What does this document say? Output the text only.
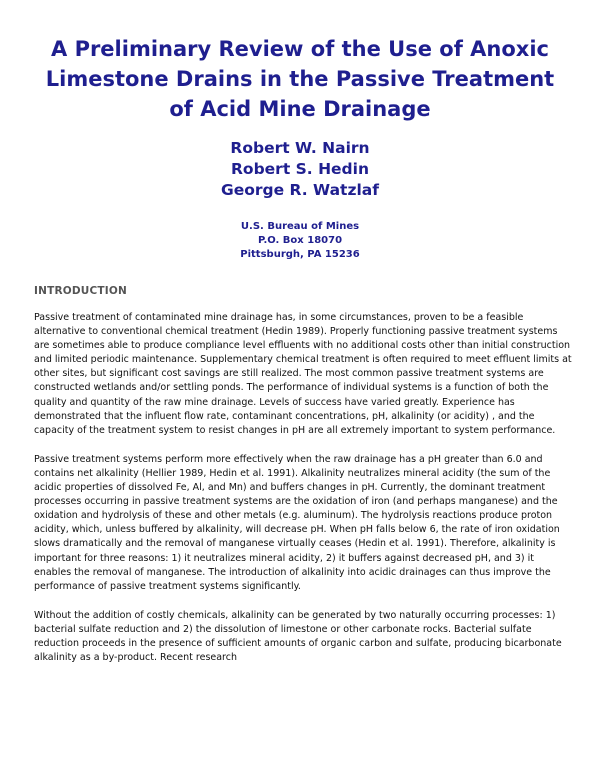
A Preliminary Review of the Use of Anoxic
Limestone Drains in the Passive Treatment
of Acid Mine Drainage
Robert W. Nairn
Robert S. Hedin
George R. Watzlaf
U.S. Bureau of Mines
P.O. Box 18070
Pittsburgh, PA 15236
INTRODUCTION

Passive treatment of contaminated mine drainage has, in some circumstances, proven to be a feasible alternative to conventional chemical treatment (Hedin 1989). Properly functioning passive treatment systems are sometimes able to produce compliance level effluents with no additional costs other than initial construction and limited periodic maintenance. Supplementary chemical treatment is often required to meet effluent limits at other sites, but significant cost savings are still realized. The most common passive treatment systems are constructed wetlands and/or settling ponds. The performance of individual systems is a function of both the quality and quantity of the raw mine drainage. Levels of success have varied greatly. Experience has demonstrated that the influent flow rate, contaminant concentrations, pH, alkalinity (or acidity) , and the capacity of the treatment system to resist changes in pH are all extremely important to system performance.

Passive treatment systems perform more effectively when the raw drainage has a pH greater than 6.0 and contains net alkalinity (Hellier 1989, Hedin et al. 1991). Alkalinity neutralizes mineral acidity (the sum of the acidic properties of dissolved Fe, Al, and Mn) and buffers changes in pH. Currently, the dominant treatment processes occurring in passive treatment systems are the oxidation of iron (and perhaps manganese) and the oxidation and hydrolysis of these and other metals (e.g. aluminum). The hydrolysis reactions produce proton acidity, which, unless buffered by alkalinity, will decrease pH. When pH falls below 6, the rate of iron oxidation slows dramatically and the removal of manganese virtually ceases (Hedin et al. 1991). Therefore, alkalinity is important for three reasons: 1) it neutralizes mineral acidity, 2) it buffers against decreased pH, and 3) it enables the removal of manganese. The introduction of alkalinity into acidic drainages can thus improve the performance of passive treatment systems significantly.

Without the addition of costly chemicals, alkalinity can be generated by two naturally occurring processes: 1) bacterial sulfate reduction and 2) the dissolution of limestone or other carbonate rocks. Bacterial sulfate reduction proceeds in the presence of sufficient amounts of organic carbon and sulfate, producing bicarbonate alkalinity as a by-product. Recent research
